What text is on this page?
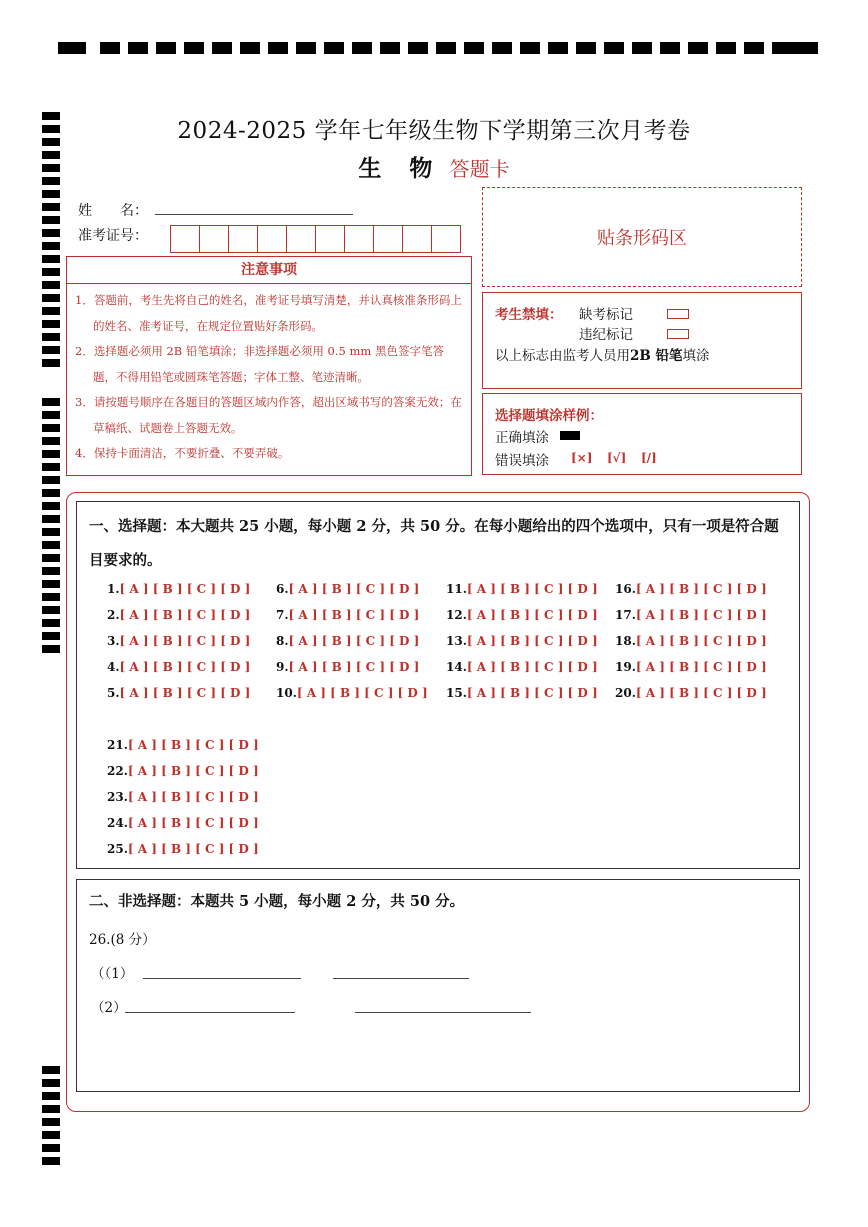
2024-2025 学年七年级生物下学期第三次月考卷
生 物 答题卡
姓　　名：
准考证号：
注意事项

1．答题前，考生先将自己的姓名，准考证号填写清楚，并认真核准条形码上的姓名、准考证号，在规定位置贴好条形码。

2．选择题必须用 2B 铅笔填涂；非选择题必须用 0.5 mm 黑色签字笔答题，不得用铅笔或圆珠笔答题；字体工整、笔迹清晰。

3．请按题号顺序在各题目的答题区域内作答，超出区域书写的答案无效；在草稿纸、试题卷上答题无效。

4．保持卡面清洁，不要折叠、不要弄破。

贴条形码区
考生禁填： 缺考标记
违纪标记
以上标志由监考人员用2B 铅笔填涂
选择题填涂样例：
正确填涂
错误填涂 [×] [√] [/]
一、选择题：本大题共 25 小题，每小题 2 分，共 50 分。在每小题给出的四个选项中，只有一项是符合题目要求的。
1.[ A ] [ B ] [ C ] [ D ]
2.[ A ] [ B ] [ C ] [ D ]
3.[ A ] [ B ] [ C ] [ D ]
4.[ A ] [ B ] [ C ] [ D ]
5.[ A ] [ B ] [ C ] [ D ]
6.[ A ] [ B ] [ C ] [ D ]
7.[ A ] [ B ] [ C ] [ D ]
8.[ A ] [ B ] [ C ] [ D ]
9.[ A ] [ B ] [ C ] [ D ]
10.[ A ] [ B ] [ C ] [ D ]
11.[ A ] [ B ] [ C ] [ D ]
12.[ A ] [ B ] [ C ] [ D ]
13.[ A ] [ B ] [ C ] [ D ]
14.[ A ] [ B ] [ C ] [ D ]
15.[ A ] [ B ] [ C ] [ D ]
16.[ A ] [ B ] [ C ] [ D ]
17.[ A ] [ B ] [ C ] [ D ]
18.[ A ] [ B ] [ C ] [ D ]
19.[ A ] [ B ] [ C ] [ D ]
20.[ A ] [ B ] [ C ] [ D ]
21.[ A ] [ B ] [ C ] [ D ]
22.[ A ] [ B ] [ C ] [ D ]
23.[ A ] [ B ] [ C ] [ D ]
24.[ A ] [ B ] [ C ] [ D ]
25.[ A ] [ B ] [ C ] [ D ]
二、非选择题：本题共 5 小题，每小题 2 分，共 50 分。
26.(8 分）
（（1）
（2）
